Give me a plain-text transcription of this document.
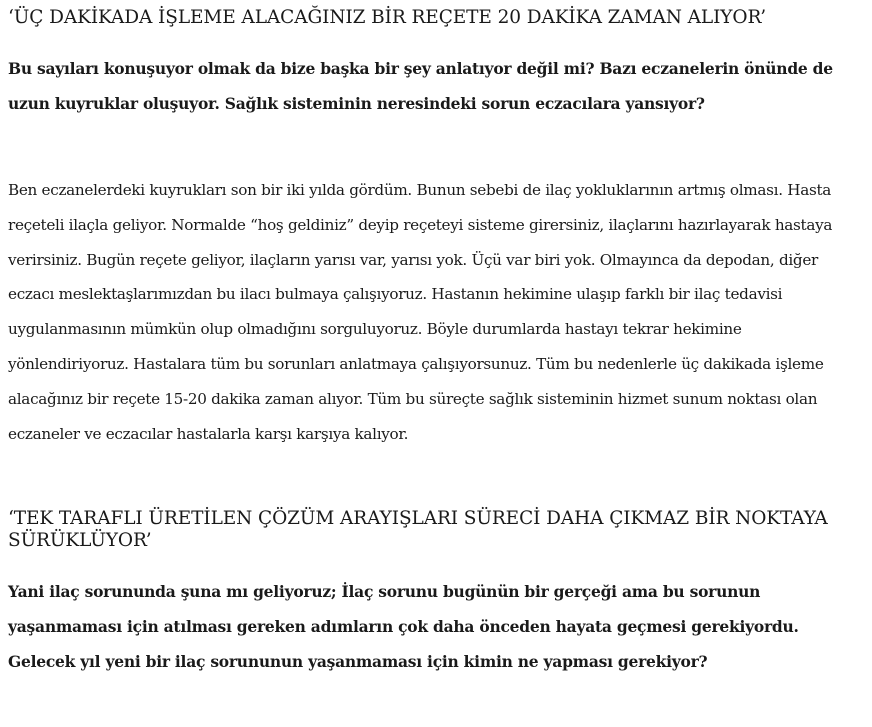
‘ÜÇ DAKİKADA İŞLEME ALACAĞINIZ BİR REÇETE 20 DAKİKA ZAMAN ALIYOR’

Bu sayıları konuşuyor olmak da bize başka bir şey anlatıyor değil mi? Bazı eczanelerin önünde de uzun kuyruklar oluşuyor. Sağlık sisteminin neresindeki sorun eczacılara yansıyor?

Ben eczanelerdeki kuyrukları son bir iki yılda gördüm. Bunun sebebi de ilaç yokluklarının artmış olması. Hasta reçeteli ilaçla geliyor. Normalde “hoş geldiniz” deyip reçeteyi sisteme girersiniz, ilaçlarını hazırlayarak hastaya verirsiniz. Bugün reçete geliyor, ilaçların yarısı var, yarısı yok. Üçü var biri yok. Olmayınca da depodan, diğer eczacı meslektaşlarımızdan bu ilacı bulmaya çalışıyoruz. Hastanın hekimine ulaşıp farklı bir ilaç tedavisi uygulanmasının mümkün olup olmadığını sorguluyoruz. Böyle durumlarda hastayı tekrar hekimine yönlendiriyoruz. Hastalara tüm bu sorunları anlatmaya çalışıyorsunuz. Tüm bu nedenlerle üç dakikada işleme alacağınız bir reçete 15-20 dakika zaman alıyor. Tüm bu süreçte sağlık sisteminin hizmet sunum noktası olan eczaneler ve eczacılar hastalarla karşı karşıya kalıyor.

‘TEK TARAFLI ÜRETİLEN ÇÖZÜM ARAYIŞLARI SÜRECİ DAHA ÇIKMAZ BİR NOKTAYA SÜRÜKLÜYOR’

Yani ilaç sorununda şuna mı geliyoruz; İlaç sorunu bugünün bir gerçeği ama bu sorunun yaşanmaması için atılması gereken adımların çok daha önceden hayata geçmesi gerekiyordu. Gelecek yıl yeni bir ilaç sorununun yaşanmaması için kimin ne yapması gerekiyor?
